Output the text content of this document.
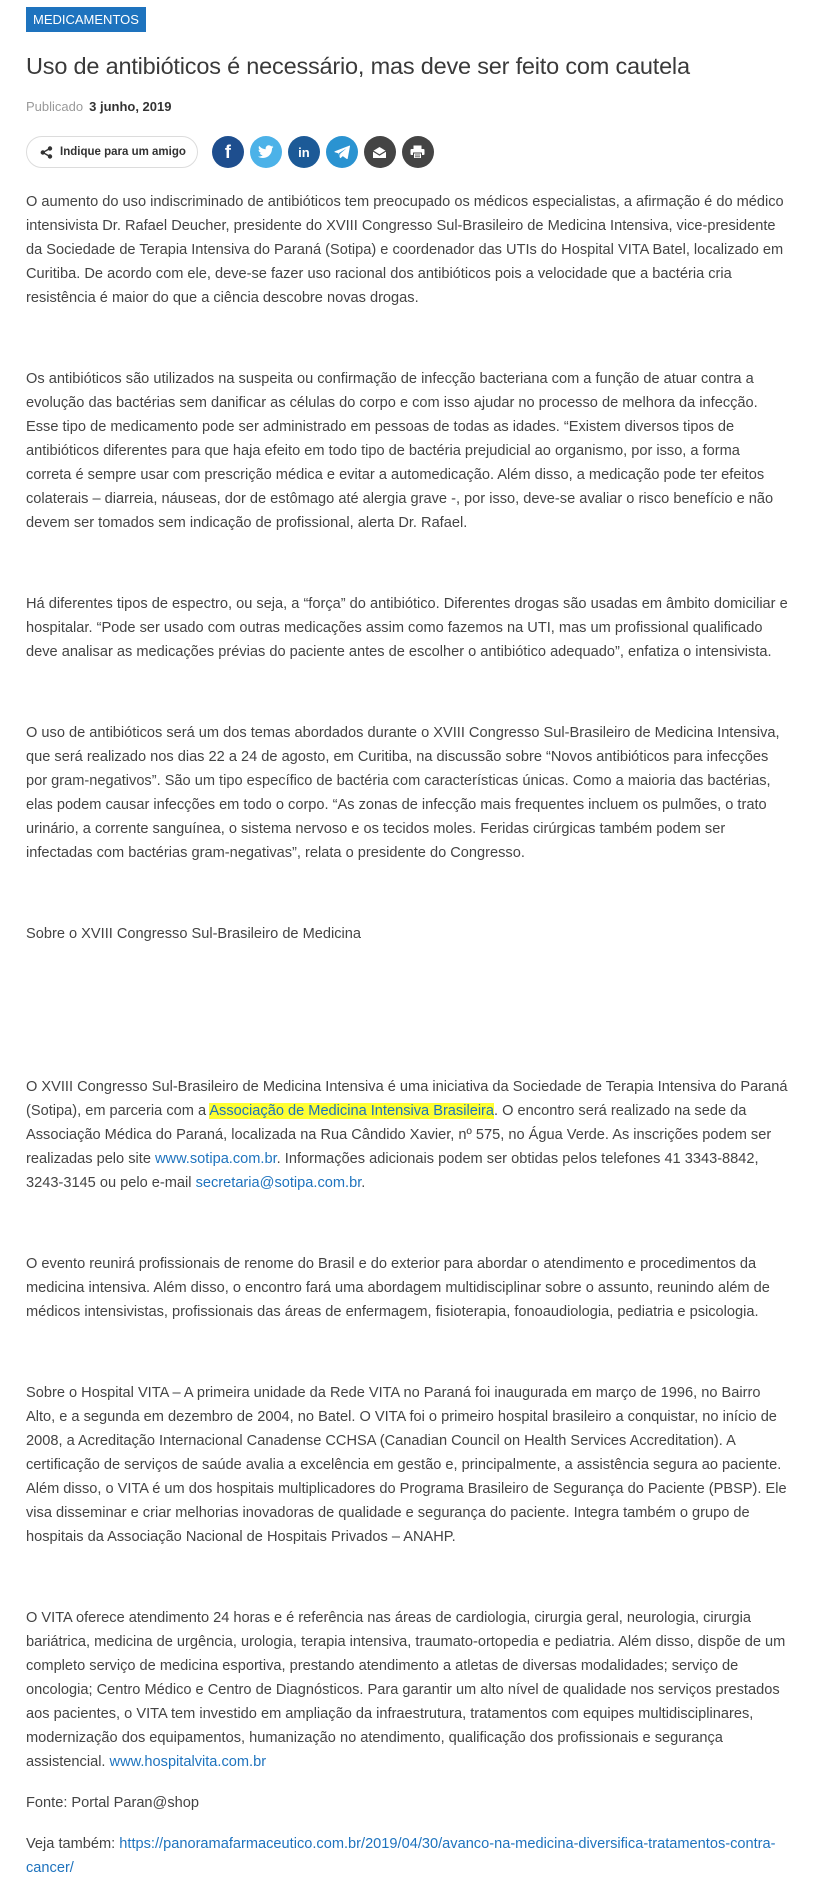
MEDICAMENTOS
Uso de antibióticos é necessário, mas deve ser feito com cautela
Publicado 3 junho, 2019
Indique para um amigo f	in

O aumento do uso indiscriminado de antibióticos tem preocupado os médicos especialistas, a afirmação é do médico intensivista Dr. Rafael Deucher, presidente do XVIII Congresso Sul-Brasileiro de Medicina Intensiva, vice-presidente da Sociedade de Terapia Intensiva do Paraná (Sotipa) e coordenador das UTIs do Hospital VITA Batel, localizado em Curitiba. De acordo com ele, deve-se fazer uso racional dos antibióticos pois a velocidade que a bactéria cria resistência é maior do que a ciência descobre novas drogas.

Os antibióticos são utilizados na suspeita ou confirmação de infecção bacteriana com a função de atuar contra a evolução das bactérias sem danificar as células do corpo e com isso ajudar no processo de melhora da infecção. Esse tipo de medicamento pode ser administrado em pessoas de todas as idades. “Existem diversos tipos de antibióticos diferentes para que haja efeito em todo tipo de bactéria prejudicial ao organismo, por isso, a forma correta é sempre usar com prescrição médica e evitar a automedicação. Além disso, a medicação pode ter efeitos colaterais – diarreia, náuseas, dor de estômago até alergia grave -, por isso, deve-se avaliar o risco benefício e não devem ser tomados sem indicação de profissional, alerta Dr. Rafael.

Há diferentes tipos de espectro, ou seja, a “força” do antibiótico. Diferentes drogas são usadas em âmbito domiciliar e hospitalar. “Pode ser usado com outras medicações assim como fazemos na UTI, mas um profissional qualificado deve analisar as medicações prévias do paciente antes de escolher o antibiótico adequado”, enfatiza o intensivista.

O uso de antibióticos será um dos temas abordados durante o XVIII Congresso Sul-Brasileiro de Medicina Intensiva, que será realizado nos dias 22 a 24 de agosto, em Curitiba, na discussão sobre “Novos antibióticos para infecções por gram-negativos”. São um tipo específico de bactéria com características únicas. Como a maioria das bactérias, elas podem causar infecções em todo o corpo. “As zonas de infecção mais frequentes incluem os pulmões, o trato urinário, a corrente sanguínea, o sistema nervoso e os tecidos moles. Feridas cirúrgicas também podem ser infectadas com bactérias gram-negativas”, relata o presidente do Congresso.

Sobre o XVIII Congresso Sul-Brasileiro de Medicina

O XVIII Congresso Sul-Brasileiro de Medicina Intensiva é uma iniciativa da Sociedade de Terapia Intensiva do Paraná (Sotipa), em parceria com a Associação de Medicina Intensiva Brasileira. O encontro será realizado na sede da Associação Médica do Paraná, localizada na Rua Cândido Xavier, nº 575, no Água Verde. As inscrições podem ser realizadas pelo site www.sotipa.com.br. Informações adicionais podem ser obtidas pelos telefones 41 3343-8842, 3243-3145 ou pelo e-mail secretaria@sotipa.com.br.

O evento reunirá profissionais de renome do Brasil e do exterior para abordar o atendimento e procedimentos da medicina intensiva. Além disso, o encontro fará uma abordagem multidisciplinar sobre o assunto, reunindo além de médicos intensivistas, profissionais das áreas de enfermagem, fisioterapia, fonoaudiologia, pediatria e psicologia.

Sobre o Hospital VITA – A primeira unidade da Rede VITA no Paraná foi inaugurada em março de 1996, no Bairro Alto, e a segunda em dezembro de 2004, no Batel. O VITA foi o primeiro hospital brasileiro a conquistar, no início de 2008, a Acreditação Internacional Canadense CCHSA (Canadian Council on Health Services Accreditation). A certificação de serviços de saúde avalia a excelência em gestão e, principalmente, a assistência segura ao paciente. Além disso, o VITA é um dos hospitais multiplicadores do Programa Brasileiro de Segurança do Paciente (PBSP). Ele visa disseminar e criar melhorias inovadoras de qualidade e segurança do paciente. Integra também o grupo de hospitais da Associação Nacional de Hospitais Privados – ANAHP.

O VITA oferece atendimento 24 horas e é referência nas áreas de cardiologia, cirurgia geral, neurologia, cirurgia bariátrica, medicina de urgência, urologia, terapia intensiva, traumato-ortopedia e pediatria. Além disso, dispõe de um completo serviço de medicina esportiva, prestando atendimento a atletas de diversas modalidades; serviço de oncologia; Centro Médico e Centro de Diagnósticos. Para garantir um alto nível de qualidade nos serviços prestados aos pacientes, o VITA tem investido em ampliação da infraestrutura, tratamentos com equipes multidisciplinares, modernização dos equipamentos, humanização no atendimento, qualificação dos profissionais e segurança assistencial. www.hospitalvita.com.br

Fonte: Portal Paran@shop

Veja também: https://panoramafarmaceutico.com.br/2019/04/30/avanco-na-medicina-diversifica-tratamentos-contra-cancer/
